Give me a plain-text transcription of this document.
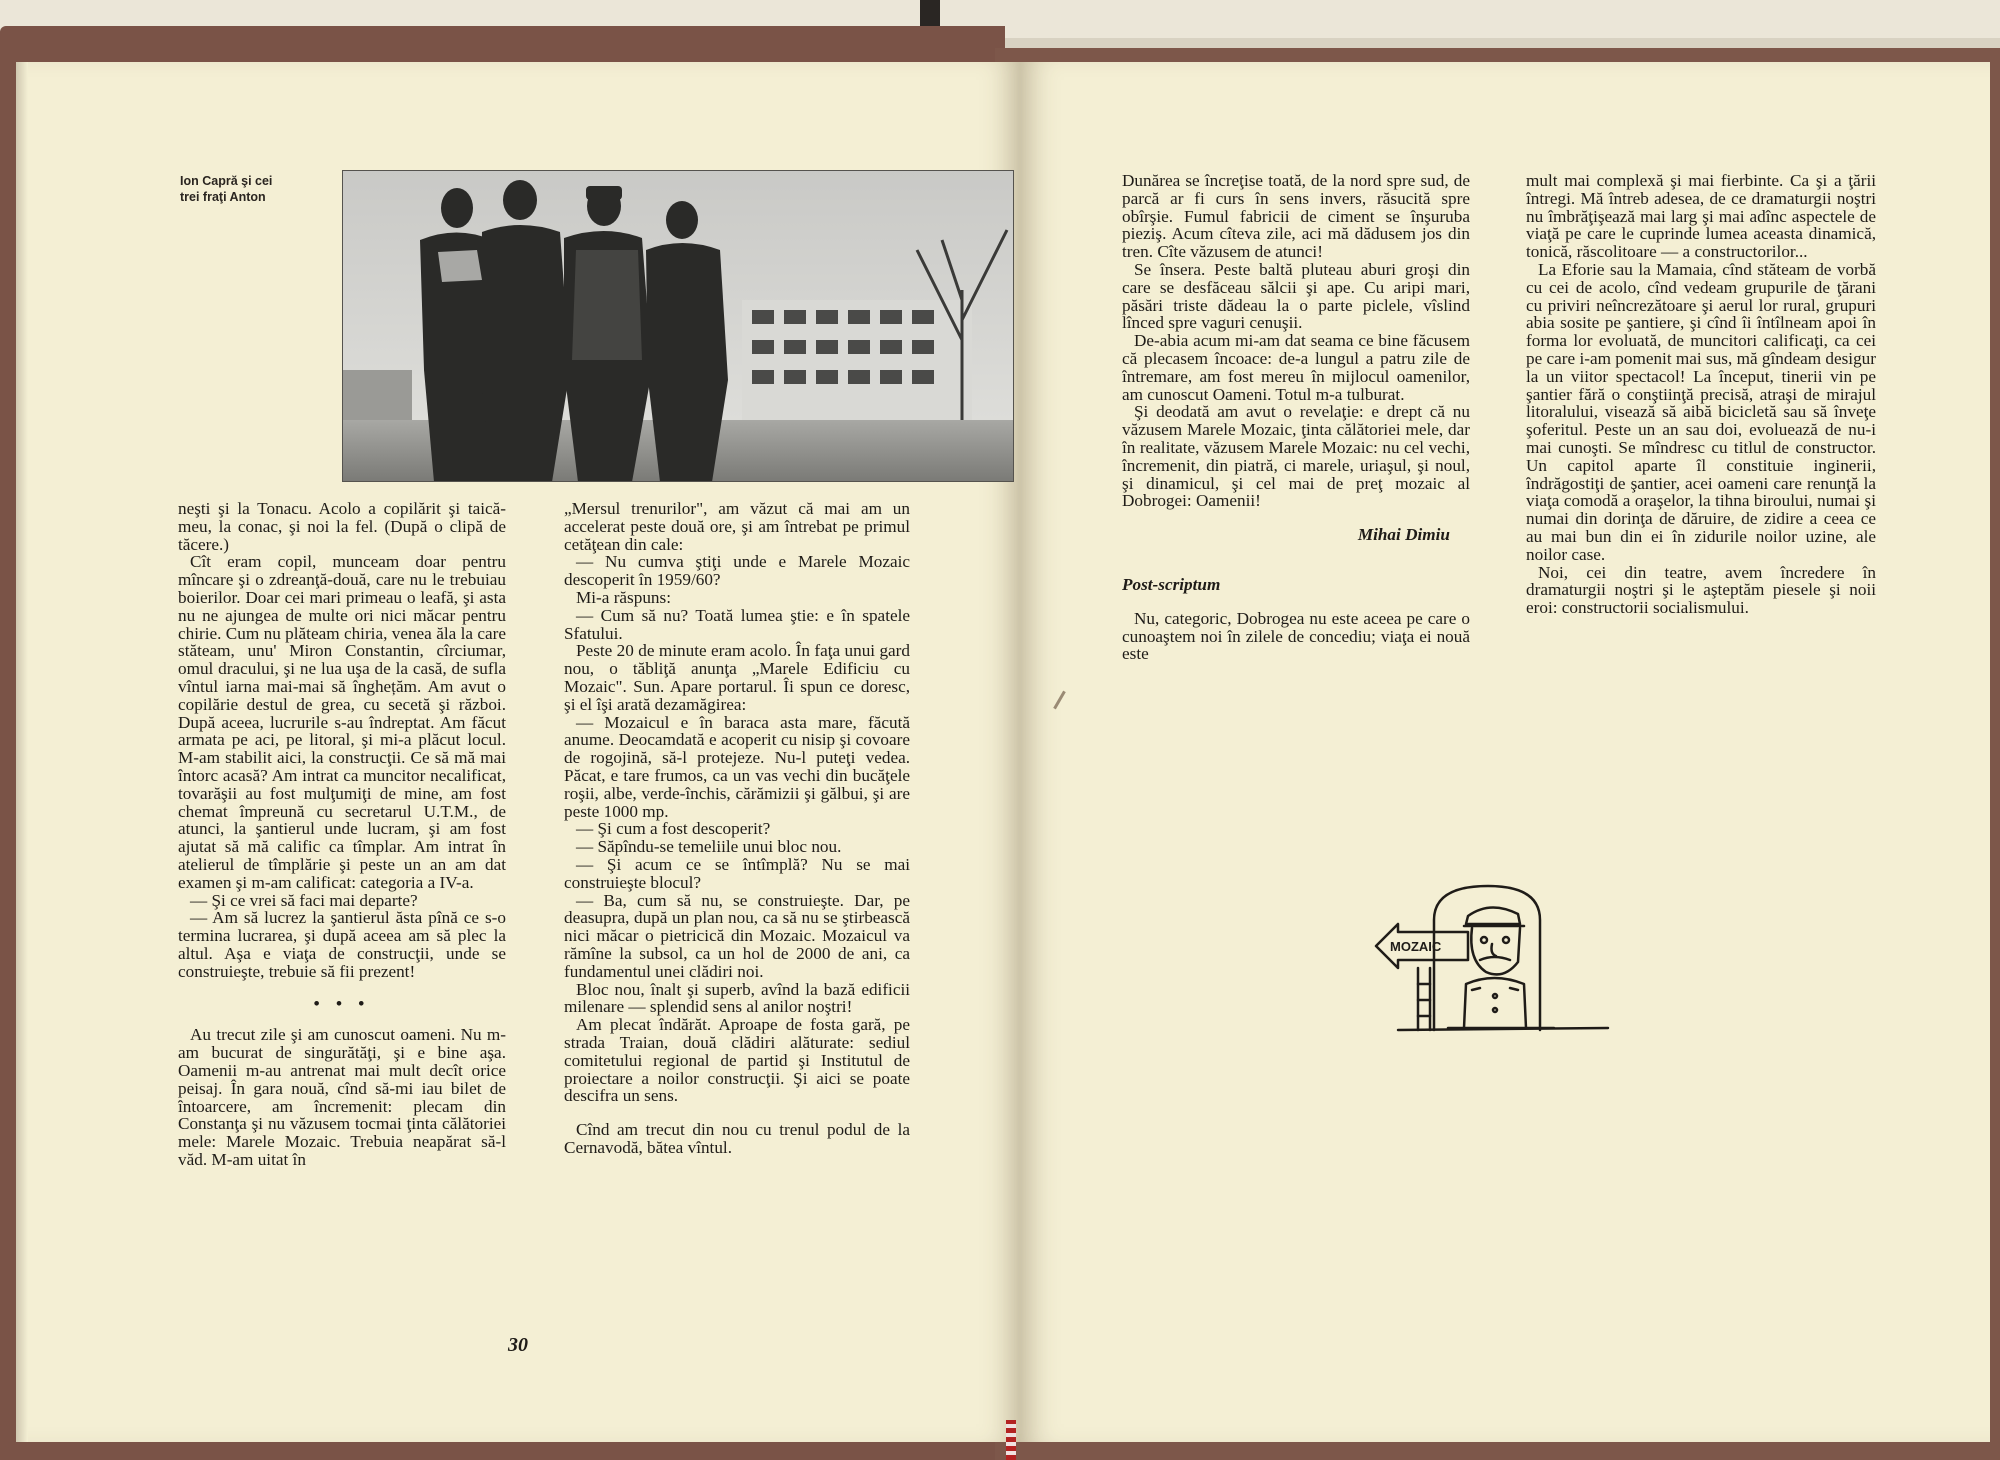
Ion Capră şi cei
trei fraţi Anton

neşti şi la Tonacu. Acolo a copilărit şi taică-meu, la conac, şi noi la fel. (După o clipă de tăcere.)

Cît eram copil, munceam doar pentru mîncare şi o zdreanţă-două, care nu le trebuiau boierilor. Doar cei mari primeau o leafă, şi asta nu ne ajungea de multe ori nici măcar pentru chirie. Cum nu plăteam chiria, venea ăla la care stăteam, unu' Miron Constantin, cîrciumar, omul dracului, şi ne lua uşa de la casă, de sufla vîntul iarna mai-mai să înghețăm. Am avut o copilărie destul de grea, cu secetă şi război. După aceea, lucrurile s-au îndreptat. Am făcut armata pe aci, pe litoral, şi mi-a plăcut locul. M-am stabilit aici, la construcţii. Ce să mă mai întorc acasă? Am intrat ca muncitor necalificat, tovarăşii au fost mulţumiţi de mine, am fost chemat împreună cu secretarul U.T.M., de atunci, la şantierul unde lucram, şi am fost ajutat să mă calific ca tîmplar. Am intrat în atelierul de tîmplărie şi peste un an am dat examen şi m-am calificat: categoria a IV-a.

— Şi ce vrei să faci mai departe?

— Am să lucrez la şantierul ăsta pînă ce s-o termina lucrarea, şi după aceea am să plec la altul. Aşa e viaţa de construcţii, unde se construieşte, trebuie să fii prezent!

• • •

Au trecut zile şi am cunoscut oameni. Nu m-am bucurat de singurătăţi, şi e bine aşa. Oamenii m-au antrenat mai mult decît orice peisaj. În gara nouă, cînd să-mi iau bilet de întoarcere, am încremenit: plecam din Constanţa şi nu văzusem tocmai ţinta călătoriei mele: Marele Mozaic. Trebuia neapărat să-l văd. M-am uitat în

„Mersul trenurilor", am văzut că mai am un accelerat peste două ore, şi am întrebat pe primul cetăţean din cale:

— Nu cumva ştiţi unde e Marele Mozaic descoperit în 1959/60?

Mi-a răspuns:

— Cum să nu? Toată lumea ştie: e în spatele Sfatului.

Peste 20 de minute eram acolo. În faţa unui gard nou, o tăbliţă anunţa „Marele Edificiu cu Mozaic". Sun. Apare portarul. Îi spun ce doresc, şi el îşi arată dezamăgirea:

— Mozaicul e în baraca asta mare, făcută anume. Deocamdată e acoperit cu nisip şi covoare de rogojină, să-l protejeze. Nu-l puteţi vedea. Păcat, e tare frumos, ca un vas vechi din bucăţele roşii, albe, verde-închis, cărămizii şi gălbui, şi are peste 1000 mp.

— Şi cum a fost descoperit?

— Săpîndu-se temeliile unui bloc nou.

— Şi acum ce se întîmplă? Nu se mai construieşte blocul?

— Ba, cum să nu, se construieşte. Dar, pe deasupra, după un plan nou, ca să nu se ştirbească nici măcar o pietricică din Mozaic. Mozaicul va rămîne la subsol, ca un hol de 2000 de ani, ca fundamentul unei clădiri noi.

Bloc nou, înalt şi superb, avînd la bază edificii milenare — splendid sens al anilor noştri!

Am plecat îndărăt. Aproape de fosta gară, pe strada Traian, două clădiri alăturate: sediul comitetului regional de partid şi Institutul de proiectare a noilor construcţii. Şi aici se poate descifra un sens.

Cînd am trecut din nou cu trenul podul de la Cernavodă, bătea vîntul.

30

Dunărea se încreţise toată, de la nord spre sud, de parcă ar fi curs în sens invers, răsucită spre obîrşie. Fumul fabricii de ciment se înşuruba pieziş. Acum cîteva zile, aci mă dădusem jos din tren. Cîte văzusem de atunci!

Se însera. Peste baltă pluteau aburi groşi din care se desfăceau sălcii şi ape. Cu aripi mari, păsări triste dădeau la o parte piclele, vîslind lînced spre vaguri cenuşii.

De-abia acum mi-am dat seama ce bine făcusem că plecasem încoace: de-a lungul a patru zile de întremare, am fost mereu în mijlocul oamenilor, am cunoscut Oameni. Totul m-a tulburat.

Şi deodată am avut o revelaţie: e drept că nu văzusem Marele Mozaic, ţinta călătoriei mele, dar în realitate, văzusem Marele Mozaic: nu cel vechi, încremenit, din piatră, ci marele, uriaşul, şi noul, şi dinamicul, şi cel mai de preţ mozaic al Dobrogei: Oamenii!

Mihai Dimiu

Post-scriptum

Nu, categoric, Dobrogea nu este aceea pe care o cunoaştem noi în zilele de concediu; viaţa ei nouă este

mult mai complexă şi mai fierbinte. Ca şi a ţării întregi. Mă întreb adesea, de ce dramaturgii noştri nu îmbrăţişează mai larg şi mai adînc aspectele de viaţă pe care le cuprinde lumea aceasta dinamică, tonică, răscolitoare — a constructorilor...

La Eforie sau la Mamaia, cînd stăteam de vorbă cu cei de acolo, cînd vedeam grupurile de ţărani cu priviri neîncrezătoare şi aerul lor rural, grupuri abia sosite pe şantiere, şi cînd îi întîlneam apoi în forma lor evoluată, de muncitori calificaţi, ca cei pe care i-am pomenit mai sus, mă gîndeam desigur la un viitor spectacol! La început, tinerii vin pe şantier fără o conştiinţă precisă, atraşi de mirajul litoralului, visează să aibă bicicletă sau să înveţe şoferitul. Peste un an sau doi, evoluează de nu-i mai cunoşti. Se mîndresc cu titlul de constructor. Un capitol aparte îl constituie inginerii, îndrăgostiţi de şantier, acei oameni care renunţă la viaţa comodă a oraşelor, la tihna biroului, numai şi numai din dorinţa de dăruire, de zidire a ceea ce au mai bun din ei în zidurile noilor uzine, ale noilor case.

Noi, cei din teatre, avem încredere în dramaturgii noştri şi le aşteptăm piesele şi noii eroi: constructorii socialismului.

MOZAIC
